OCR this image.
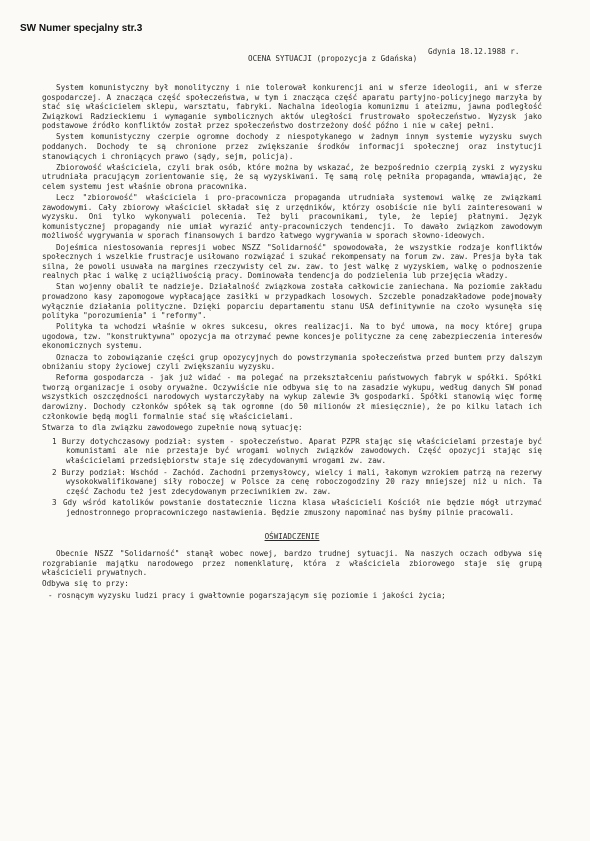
SW Numer specjalny str.3
Gdynia 18.12.1988 r.
OCENA SYTUACJI (propozycja z Gdańska)

System komunistyczny był monolityczny i nie tolerował konkurencji ani w sferze ideologii, ani w sferze gospodarczej. A znacząca część społeczeństwa, w tym i znacząca część aparatu partyjno-policyjnego marzyła by stać się właścicielem sklepu, warsztatu, fabryki. Nachalna ideologia komunizmu i ateizmu, jawna podległość Związkowi Radzieckiemu i wymaganie symbolicznych aktów uległości frustrowało społeczeństwo. Wyzysk jako podstawowe źródło konfliktów został przez społeczeństwo dostrzeżony dość późno i nie w całej pełni.

System komunistyczny czerpie ogromne dochody z niespotykanego w żadnym innym systemie wyzysku swych poddanych. Dochody te są chronione przez zwiększanie środków informacji społecznej oraz instytucji stanowiących i chroniących prawo (sądy, sejm, policja).

Zbiorowość właściciela, czyli brak osób, które można by wskazać, że bezpośrednio czerpią zyski z wyzysku utrudniała pracującym zorientowanie się, że są wyzyskiwani. Tę samą rolę pełniła propaganda, wmawiając, że celem systemu jest właśnie obrona pracownika.

Lecz "zbiorowość" właściciela i pro-pracownicza propaganda utrudniała systemowi walkę ze związkami zawodowymi. Cały zbiorowy właściciel składał się z urzędników, którzy osobiście nie byli zainteresowani w wyzysku. Oni tylko wykonywali polecenia. Też byli pracownikami, tyle, że lepiej płatnymi. Język komunistycznej propagandy nie umiał wyrazić anty-pracowniczych tendencji. To dawało związkom zawodowym możliwość wygrywania w sporach finansowych i bardzo łatwego wygrywania w sporach słowno-ideowych.

Dojeśmica niestosowania represji wobec NSZZ "Solidarność" spowodowała, że wszystkie rodzaje konfliktów społecznych i wszelkie frustracje usiłowano rozwiązać i szukać rekompensaty na forum zw. zaw. Presja była tak silna, że powoli usuwała na margines rzeczywisty cel zw. zaw. to jest walkę z wyzyskiem, walkę o podnoszenie realnych płac i walkę z uciążliwością pracy. Dominowała tendencja do podzielenia lub przejęcia władzy.

Stan wojenny obalił te nadzieje. Działalność związkowa została całkowicie zaniechana. Na poziomie zakładu prowadzono kasy zapomogowe wypłacające zasiłki w przypadkach losowych. Szczeble ponadzakładowe podejmowały wyłącznie działania polityczne. Dzięki poparciu departamentu stanu USA definitywnie na czoło wysunęła się polityka "porozumienia" i "reformy".

Polityka ta wchodzi właśnie w okres sukcesu, okres realizacji. Na to być umowa, na mocy której grupa ugodowa, tzw. "konstruktywna" opozycja ma otrzymać pewne koncesje polityczne za cenę zabezpieczenia interesów ekonomicznych systemu.

Oznacza to zobowiązanie części grup opozycyjnych do powstrzymania społeczeństwa przed buntem przy dalszym obniżaniu stopy życiowej czyli zwiększaniu wyzysku.

Reforma gospodarcza - jak już widać - ma polegać na przekształceniu państwowych fabryk w spółki. Spółki tworzą organizacje i osoby oryważne. Oczywiście nie odbywa się to na zasadzie wykupu, według danych SW ponad wszystkich oszczędności narodowych wystarczyłaby na wykup zalewie 3% gospodarki. Spółki stanowią więc formę darowizny. Dochody członków spółek są tak ogromne (do 50 milionów zł miesięcznie), że po kilku latach ich członkowie będą mogli formalnie stać się właścicielami.

Stwarza to dla związku zawodowego zupełnie nową sytuację:

1 Burzy dotychczasowy podział: system - społeczeństwo. Aparat PZPR stając się właścicielami przestaje być komunistami ale nie przestaje być wrogami wolnych związków zawodowych. Część opozycji stając się właścicielami przedsiębiorstw staje się zdecydowanymi wrogami zw. zaw.

2 Burzy podział: Wschód - Zachód. Zachodni przemysłowcy, wielcy i mali, łakomym wzrokiem patrzą na rezerwy wysokokwalifikowanej siły roboczej w Polsce za cenę roboczogodziny 20 razy mniejszej niż u nich. Ta część Zachodu też jest zdecydowanym przeciwnikiem zw. zaw.

3 Gdy wśród katolików powstanie dostatecznie liczna klasa właścicieli Kościół nie będzie mógł utrzymać jednostronnego propracowniczego nastawienia. Będzie zmuszony napominać nas byśmy pilnie pracowali.

OŚWIADCZENIE

Obecnie NSZZ "Solidarność" stanął wobec nowej, bardzo trudnej sytuacji. Na naszych oczach odbywa się rozgrabianie majątku narodowego przez nomenklaturę, która z właściciela zbiorowego staje się grupą właścicieli prywatnych.

Odbywa się to przy:

- rosnącym wyzysku ludzi pracy i gwałtownie pogarszającym się poziomie i jakości życia;
